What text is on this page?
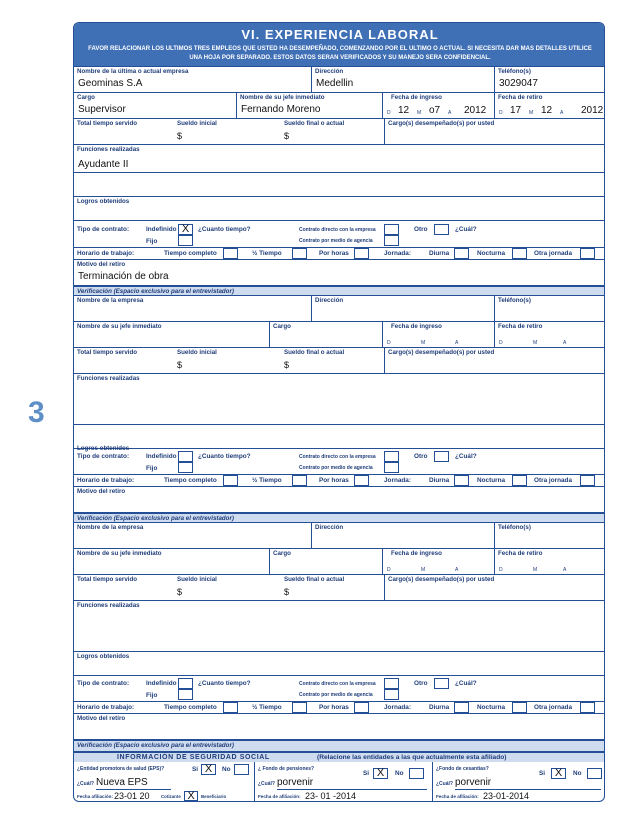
3
VI. EXPERIENCIA LABORAL
FAVOR RELACIONAR LOS ULTIMOS TRES EMPLEOS QUE USTED HA DESEMPEÑADO, COMENZANDO POR EL ULTIMO O ACTUAL. SI NECESITA DAR MAS DETALLES UTILICE UNA HOJA POR SEPARADO. ESTOS DATOS SERAN VERIFICADOS Y SU MANEJO SERA CONFIDENCIAL.
Nombre de la última o actual empresa
Geominas S.A
Dirección
Medellin
Teléfono(s)
3029047
Cargo
Supervisor
Nombre de su jefe inmediato
Fernando Moreno
Fecha de ingreso
D 12 M o7 A 2012
Fecha de retiro
D 17 M 12 A 2012
Total tiempo servido	Sueldo inicial
$
Sueldo final o actual
$
Cargo(s) desempeñado(s) por usted
Funciones realizadas
Ayudante II
Logros obtenidos
Tipo de contrato:	Indefinido X	¿Cuanto tiempo?
Fijo
Contrato directo con la empresa
Contrato por medio de agencia
Otro	¿Cuál?
Horario de trabajo:	Tiempo completo	½ Tiempo	Por horas	Jornada:	Diurna	Nocturna	Otra jornada
Motivo del retiro
Terminación de obra
Verificación (Espacio exclusivo para el entrevistador)
Nombre de la empresa	Dirección	Teléfono(s)
Nombre de su jefe inmediato	Cargo	Fecha de ingreso
D	M	A
Fecha de retiro
D	M	A
Total tiempo servido	Sueldo inicial
$
Sueldo final o actual
$
Cargo(s) desempeñado(s) por usted
Funciones realizadas
Logros obtenidos
Tipo de contrato:	Indefinido	¿Cuanto tiempo?
Fijo
Contrato directo con la empresa
Contrato por medio de agencia
Otro	¿Cuál?
Horario de trabajo:	Tiempo completo	½ Tiempo	Por horas	Jornada:	Diurna	Nocturna	Otra jornada
Motivo del retiro
Verificación (Espacio exclusivo para el entrevistador)
Nombre de la empresa	Dirección	Teléfono(s)
Nombre de su jefe inmediato	Cargo	Fecha de ingreso
D	M	A
Fecha de retiro
D	M	A
Total tiempo servido	Sueldo inicial
$
Sueldo final o actual
$
Cargo(s) desempeñado(s) por usted
Funciones realizadas
Logros obtenidos
Tipo de contrato:	Indefinido	¿Cuanto tiempo?
Fijo
Contrato directo con la empresa
Contrato por medio de agencia
Otro	¿Cuál?
Horario de trabajo:	Tiempo completo	½ Tiempo	Por horas	Jornada:	Diurna	Nocturna	Otra jornada
Motivo del retiro
Verificación (Espacio exclusivo para el entrevistador)
INFORMACIÓN DE SEGURIDAD SOCIAL	(Relacione las entidades a las que actualmente esta afiliado)
¿Entidad promotora de salud (EPS)?	Si X	No
¿Cuál? Nueva EPS
Fecha afiliación: 23-01 20	Cotizante X	Beneficiario
¿ Fondo de pensiones?
Si X	No
¿Cuál? porvenir
Fecha de afiliación: 23- 01 -2014
¿Fondo de cesantias?
Si X	No
¿Cuál? porvenir
Fecha de afiliación: 23-01-2014
